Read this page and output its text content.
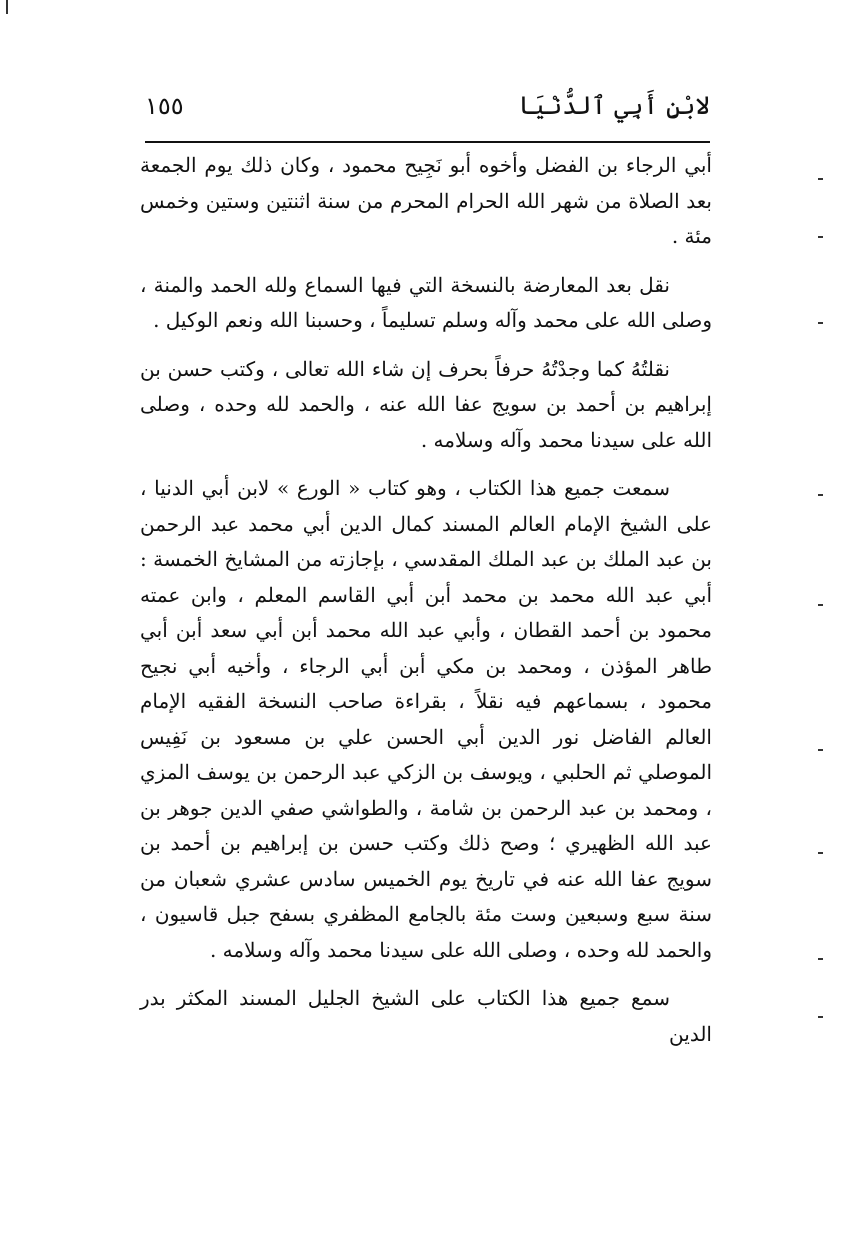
لابْنِ أَبِي ٱلدُّنْيَا
١٥٥

أبي الرجاء بن الفضل وأخوه أبو نَجِيح محمود ، وكان ذلك يوم الجمعة بعد الصلاة من شهر الله الحرام المحرم من سنة اثنتين وستين وخمس مئة .

نقل بعد المعارضة بالنسخة التي فيها السماع ولله الحمد والمنة ، وصلى الله على محمد وآله وسلم تسليماً ، وحسبنا الله ونعم الوكيل .

نقلتُهُ كما وجدْتُهُ حرفاً بحرف إن شاء الله تعالى ، وكتب حسن بن إبراهيم بن أحمد بن سويج عفا الله عنه ، والحمد لله وحده ، وصلى الله على سيدنا محمد وآله وسلامه .

سمعت جميع هذا الكتاب ، وهو كتاب « الورع » لابن أبي الدنيا ، على الشيخ الإمام العالم المسند كمال الدين أبي محمد عبد الرحمن بن عبد الملك بن عبد الملك المقدسي ، بإجازته من المشايخ الخمسة : أبي عبد الله محمد بن محمد أبن أبي القاسم المعلم ، وابن عمته محمود بن أحمد القطان ، وأبي عبد الله محمد أبن أبي سعد أبن أبي طاهر المؤذن ، ومحمد بن مكي أبن أبي الرجاء ، وأخيه أبي نجيح محمود ، بسماعهم فيه نقلاً ، بقراءة صاحب النسخة الفقيه الإمام العالم الفاضل نور الدين أبي الحسن علي بن مسعود بن نَفِيس الموصلي ثم الحلبي ، ويوسف بن الزكي عبد الرحمن بن يوسف المزي ، ومحمد بن عبد الرحمن بن شامة ، والطواشي صفي الدين جوهر بن عبد الله الظهيري ؛ وصح ذلك وكتب حسن بن إبراهيم بن أحمد بن سويج عفا الله عنه في تاريخ يوم الخميس سادس عشري شعبان من سنة سبع وسبعين وست مئة بالجامع المظفري بسفح جبل قاسيون ، والحمد لله وحده ، وصلى الله على سيدنا محمد وآله وسلامه .

سمع جميع هذا الكتاب على الشيخ الجليل المسند المكثر بدر الدين
